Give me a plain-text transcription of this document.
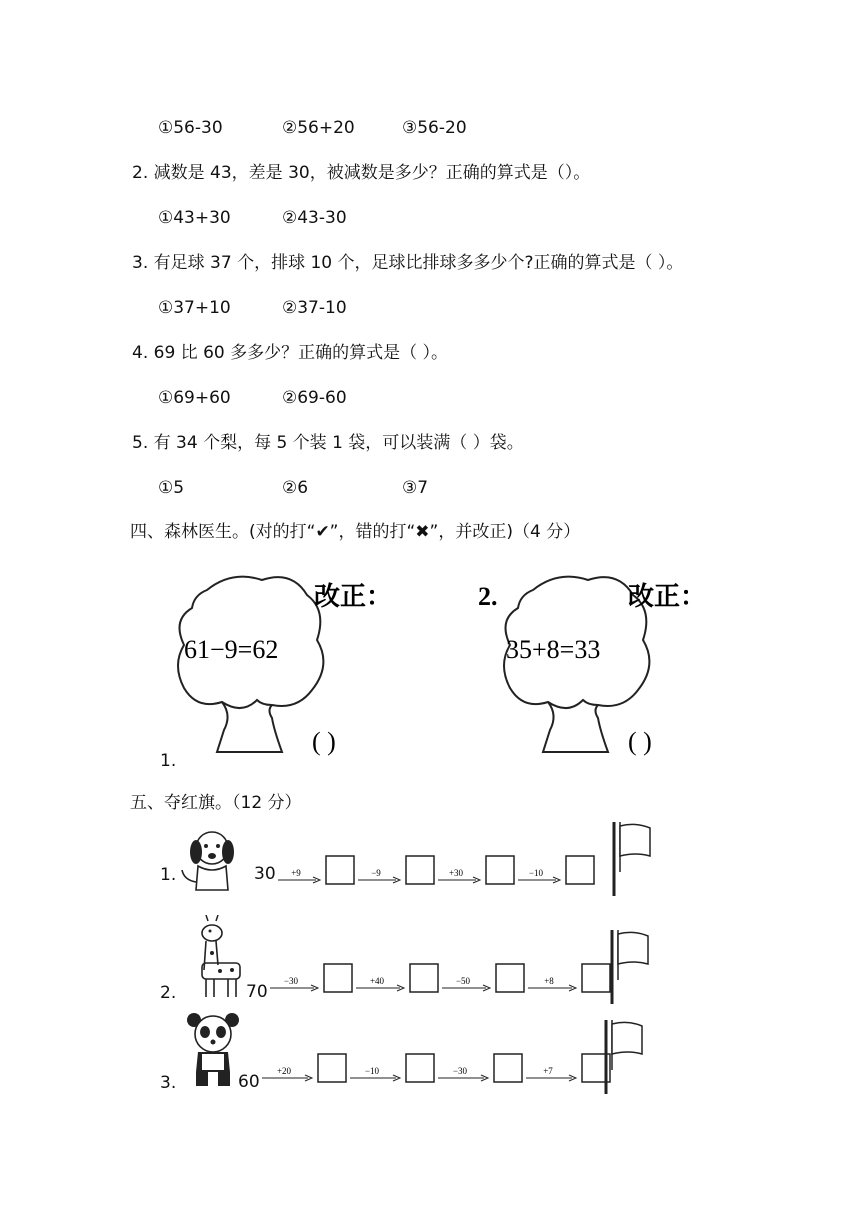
①56-30	②56+20	③56-20
2. 减数是 43，差是 30，被减数是多少？正确的算式是（）。
①43+30	②43-30
3. 有足球 37 个，排球 10 个，足球比排球多多少个?正确的算式是（ ）。
①37+10	②37-10
4. 69 比 60 多多少？正确的算式是（ ）。
①69+60	②69-60
5. 有 34 个梨，每 5 个装 1 袋，可以装满（ ）袋。
①5	②6	③7
四、森林医生。(对的打“✔”，错的打“✖”，并改正)（4 分）
61−9=62
改正：
( )
1.
2.
35+8=33
改正：
( )
五、夺红旗。（12 分）
1.	30
2.	70
3.	60
+9	−9	+30	−10
−30	+40	−50	+8
+20	−10	−30	+7
